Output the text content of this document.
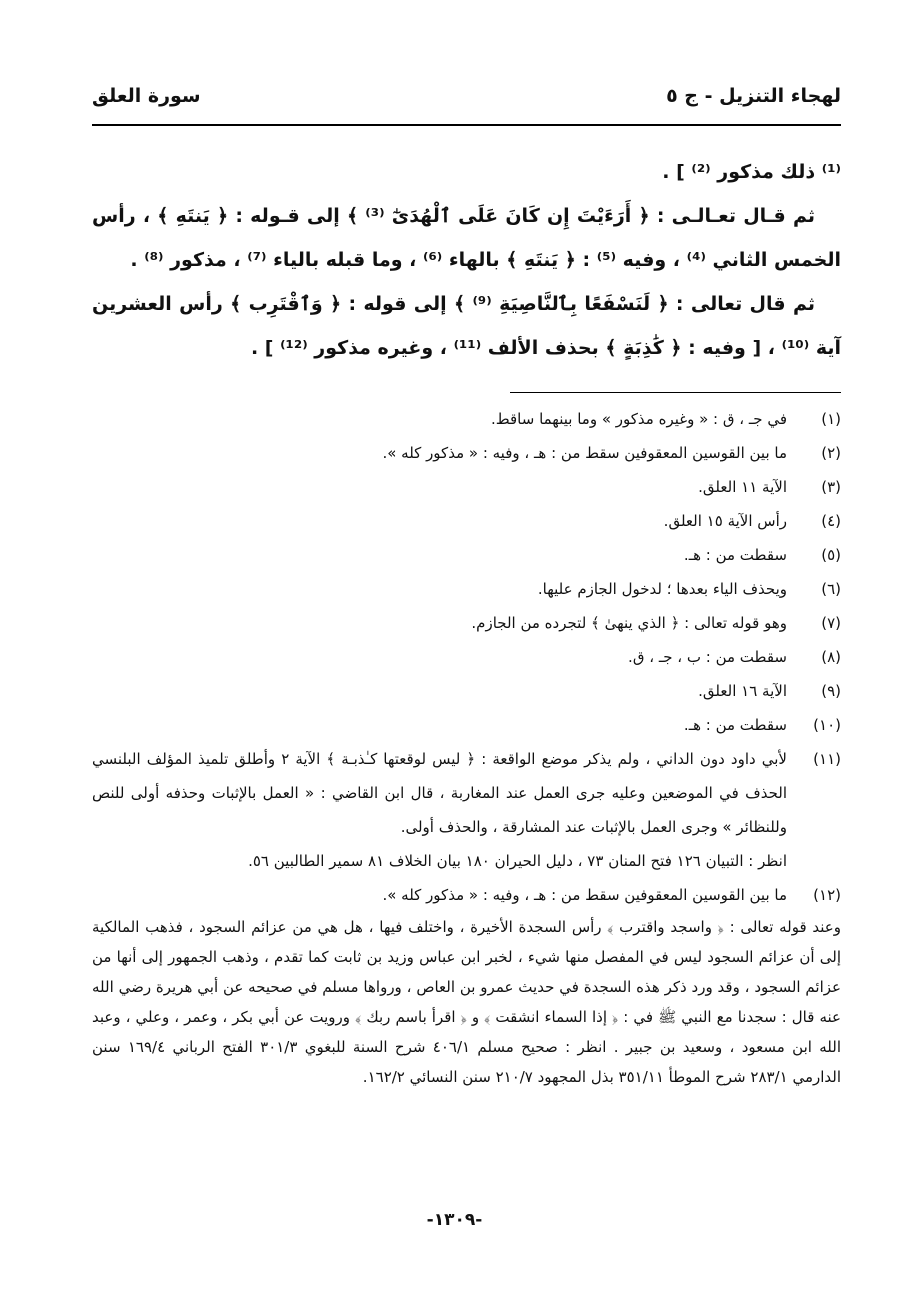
لهجاء التنزيل - ج ٥
سورة العلق

⁽¹⁾ ذلك مذكور ⁽²⁾ ] .

ثم قـال تعـالـى : ﴿ أَرَءَيْتَ إِن كَانَ عَلَى ٱلْهُدَىٰٓ ⁽³⁾ ﴾ إلى قـوله : ﴿ يَنتَهِ ﴾ ، رأس الخمس الثاني ⁽⁴⁾ ، وفيه ⁽⁵⁾ : ﴿ يَنتَهِ ﴾ بالهاء ⁽⁶⁾ ، وما قبله بالياء ⁽⁷⁾ ، مذكور ⁽⁸⁾ .

ثم قال تعالى : ﴿ لَنَسْفَعًا بِٱلنَّاصِيَةِ ⁽⁹⁾ ﴾ إلى قوله : ﴿ وَٱقْتَرِب ﴾ رأس العشرين آية ⁽¹⁰⁾ ، [ وفيه : ﴿ كَٰذِبَةٍ ﴾ بحذف الألف ⁽¹¹⁾ ، وغيره مذكور ⁽¹²⁾ ] .

(١)
في جـ ، ق : « وغيره مذكور » وما بينهما ساقط.
(٢)
ما بين القوسين المعقوفين سقط من : هـ ، وفيه : « مذكور كله ».
(٣)
الآية ١١ العلق.
(٤)
رأس الآية ١٥ العلق.
(٥)
سقطت من : هـ.
(٦)
ويحذف الياء بعدها ؛ لدخول الجازم عليها.
(٧)
وهو قوله تعالى : ﴿ الذي ينهىٰ ﴾ لتجرده من الجازم.
(٨)
سقطت من : ب ، جـ ، ق.
(٩)
الآية ١٦ العلق.
(١٠)
سقطت من : هـ.
(١١)
لأبي داود دون الداني ، ولم يذكر موضع الواقعة : ﴿ ليس لوقعتها كـٰذبـة ﴾ الآية ٢ وأطلق تلميذ المؤلف البلنسي الحذف في الموضعين وعليه جرى العمل عند المغاربة ، قال ابن القاضي : « العمل بالإثبات وحذفه أولى للنص وللنظائر » وجرى العمل بالإثبات عند المشارقة ، والحذف أولى.
انظر : التبيان ١٢٦ فتح المنان ٧٣ ، دليل الحيران ١٨٠ بيان الخلاف ٨١ سمير الطالبين ٥٦.
(١٢)
ما بين القوسين المعقوفين سقط من : هـ ، وفيه : « مذكور كله ».
وعند قوله تعالى : ﴿ واسجد واقترب ﴾ رأس السجدة الأخيرة ، واختلف فيها ، هل هي من عزائم السجود ، فذهب المالكية إلى أن عزائم السجود ليس في المفصل منها شيء ، لخبر ابن عباس وزيد بن ثابت كما تقدم ، وذهب الجمهور إلى أنها من عزائم السجود ، وقد ورد ذكر هذه السجدة في حديث عمرو بن العاص ، ورواها مسلم في صحيحه عن أبي هريرة رضي الله عنه قال : سجدنا مع النبي ﷺ في : ﴿ إذا السماء انشقت ﴾ و ﴿ اقرأ باسم ربك ﴾ ورويت عن أبي بكر ، وعمر ، وعلي ، وعبد الله ابن مسعود ، وسعيد بن جبير . انظر : صحيح مسلم ٤٠٦/١ شرح السنة للبغوي ٣٠١/٣ الفتح الرباني ١٦٩/٤ سنن الدارمي ٢٨٣/١ شرح الموطأ ٣٥١/١١ بذل المجهود ٢١٠/٧ سنن النسائي ١٦٢/٢.
-١٣٠٩-
